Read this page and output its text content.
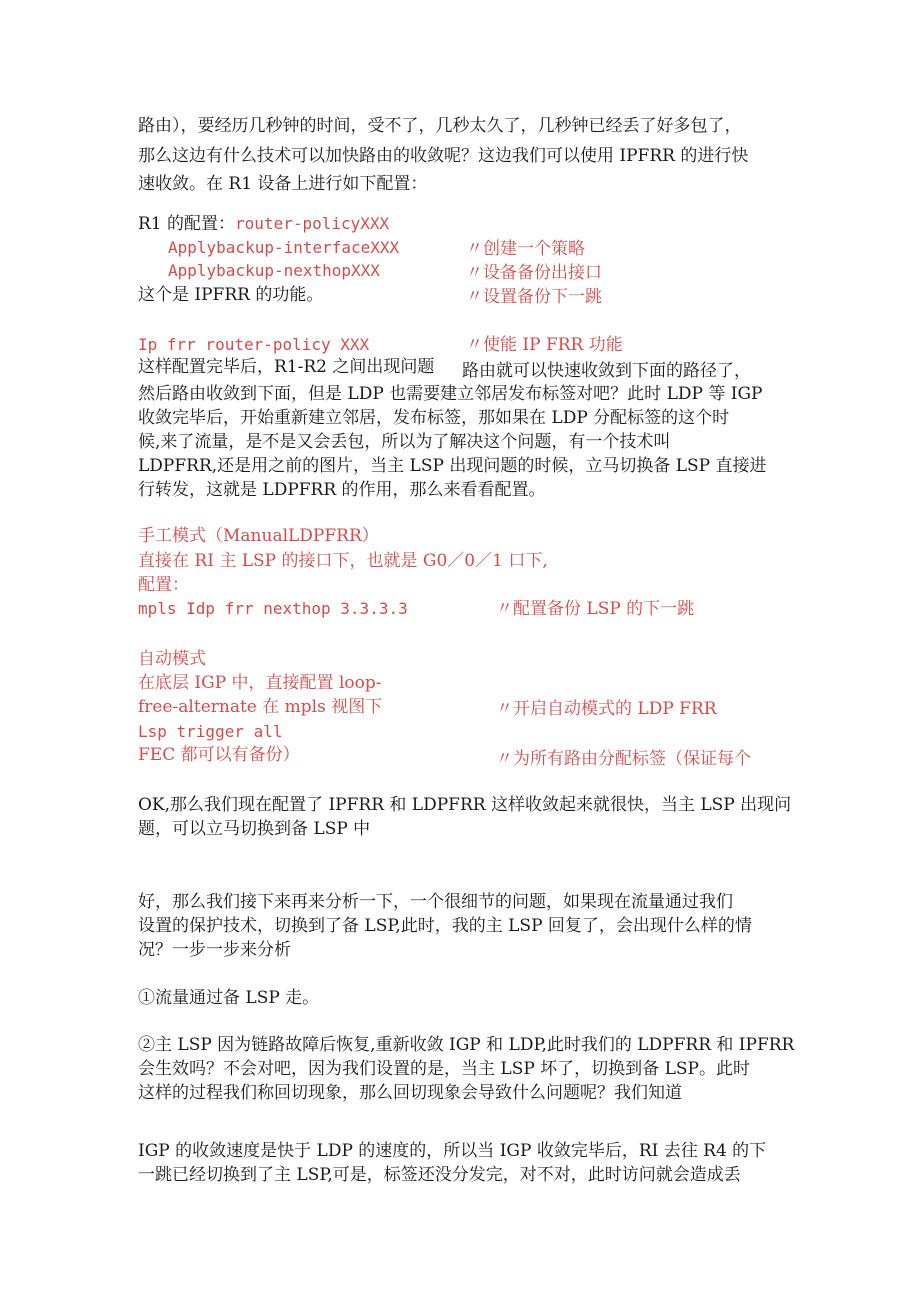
路由），要经历几秒钟的时间，受不了，几秒太久了，几秒钟已经丢了好多包了，
那么这边有什么技术可以加快路由的收敛呢？这边我们可以使用 IPFRR 的进行快
速收敛。在 R1 设备上进行如下配置：
R1 的配置：router-policyXXX
Applybackup-interfaceXXX	〃创建一个策略
Applybackup-nexthopXXX	〃设备备份出接口
这个是 IPFRR 的功能。	〃设置备份下一跳
Ip frr router-policy XXX	〃使能 IP FRR 功能
这样配置完毕后，R1-R2 之间出现问题 路由就可以快速收敛到下面的路径了，
然后路由收敛到下面，但是 LDP 也需要建立邻居发布标签对吧？此时 LDP 等 IGP
收敛完毕后，开始重新建立邻居，发布标签，那如果在 LDP 分配标签的这个时
候,来了流量，是不是又会丢包，所以为了解决这个问题，有一个技术叫
LDPFRR,还是用之前的图片，当主 LSP 出现问题的时候，立马切换备 LSP 直接进
行转发，这就是 LDPFRR 的作用，那么来看看配置。
手工模式（ManualLDPFRR）
直接在 RI 主 LSP 的接口下，也就是 G0／0／1 口下,
配置：
mpls Idp frr nexthop 3.3.3.3	〃配置备份 LSP 的下一跳
自动模式
在底层 IGP 中，直接配置 loop-
free-alternate 在 mpls 视图下	〃开启自动模式的 LDP FRR
Lsp trigger all
FEC 都可以有备份）	〃为所有路由分配标签（保证每个
OK,那么我们现在配置了 IPFRR 和 LDPFRR 这样收敛起来就很快，当主 LSP 出现问
题，可以立马切换到备 LSP 中
好，那么我们接下来再来分析一下，一个很细节的问题，如果现在流量通过我们
设置的保护技术，切换到了备 LSP,此时，我的主 LSP 回复了，会出现什么样的情
况？一步一步来分析
①流量通过备 LSP 走。
②主 LSP 因为链路故障后恢复,重新收敛 IGP 和 LDP,此时我们的 LDPFRR 和 IPFRR
会生效吗？不会对吧，因为我们设置的是，当主 LSP 坏了，切换到备 LSP。此时
这样的过程我们称回切现象，那么回切现象会导致什么问题呢？我们知道
IGP 的收敛速度是快于 LDP 的速度的，所以当 IGP 收敛完毕后，RI 去往 R4 的下
一跳已经切换到了主 LSP,可是，标签还没分发完，对不对，此时访问就会造成丢
